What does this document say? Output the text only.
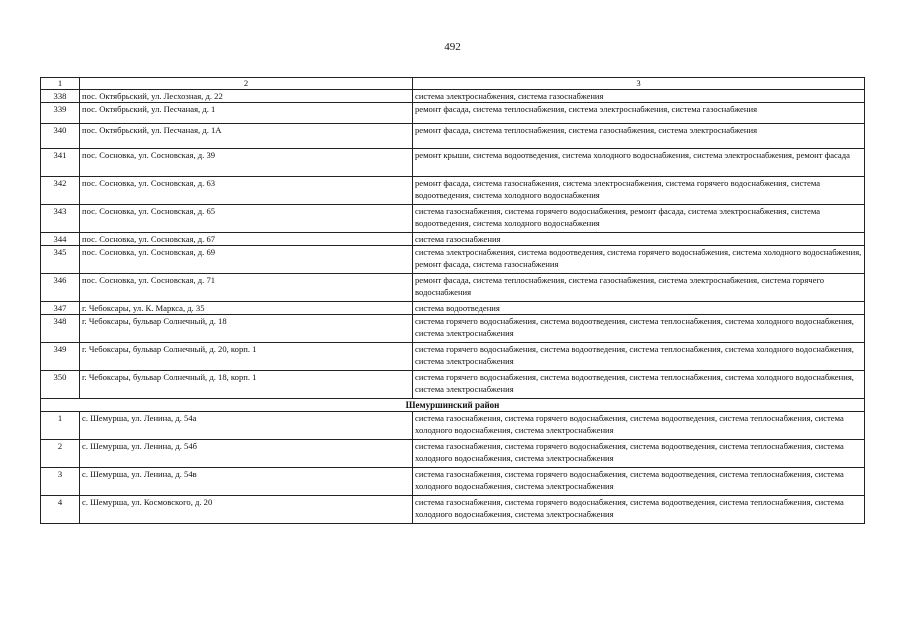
492
1	2	3
338	пос. Октябрьский, ул. Лесхозная, д. 22	система электроснабжения, система газоснабжения
339	пос. Октябрьский, ул. Песчаная, д. 1	ремонт фасада, система теплоснабжения, система электроснабжения, система газоснабжения
340	пос. Октябрьский, ул. Песчаная, д. 1А	ремонт фасада, система теплоснабжения, система газоснабжения, система электроснабжения
341	пос. Сосновка, ул. Сосновская, д. 39	ремонт крыши, система водоотведения, система холодного водоснабжения, система электроснабжения, ремонт фасада
342	пос. Сосновка, ул. Сосновская, д. 63	ремонт фасада, система газоснабжения, система электроснабжения, система горячего водоснабжения, система водоотведения, система холодного водоснабжения
343	пос. Сосновка, ул. Сосновская, д. 65	система газоснабжения, система горячего водоснабжения, ремонт фасада, система электроснабжения, система водоотведения, система холодного водоснабжения
344	пос. Сосновка, ул. Сосновская, д. 67	система газоснабжения
345	пос. Сосновка, ул. Сосновская, д. 69	система электроснабжения, система водоотведения, система горячего водоснабжения, система холодного водоснабжения, ремонт фасада, система газоснабжения
346	пос. Сосновка, ул. Сосновская, д. 71	ремонт фасада, система теплоснабжения, система газоснабжения, система электроснабжения, система горячего водоснабжения
347	г. Чебоксары, ул. К. Маркса, д. 35	система водоотведения
348	г. Чебоксары, бульвар Солнечный, д. 18	система горячего водоснабжения, система водоотведения, система теплоснабжения, система холодного водоснабжения, система электроснабжения
349	г. Чебоксары, бульвар Солнечный, д. 20, корп. 1	система горячего водоснабжения, система водоотведения, система теплоснабжения, система холодного водоснабжения, система электроснабжения
350	г. Чебоксары, бульвар Солнечный, д. 18, корп. 1	система горячего водоснабжения, система водоотведения, система теплоснабжения, система холодного водоснабжения, система электроснабжения
Шемуршинский район		
1	с. Шемурша, ул. Ленина, д. 54а	система газоснабжения, система горячего водоснабжения, система водоотведения, система теплоснабжения, система холодного водоснабжения, система электроснабжения
2	с. Шемурша, ул. Ленина, д. 54б	система газоснабжения, система горячего водоснабжения, система водоотведения, система теплоснабжения, система холодного водоснабжения, система электроснабжения
3	с. Шемурша, ул. Ленина, д. 54в	система газоснабжения, система горячего водоснабжения, система водоотведения, система теплоснабжения, система холодного водоснабжения, система электроснабжения
4	с. Шемурша, ул. Космовского, д. 20	система газоснабжения, система горячего водоснабжения, система водоотведения, система теплоснабжения, система холодного водоснабжения, система электроснабжения
